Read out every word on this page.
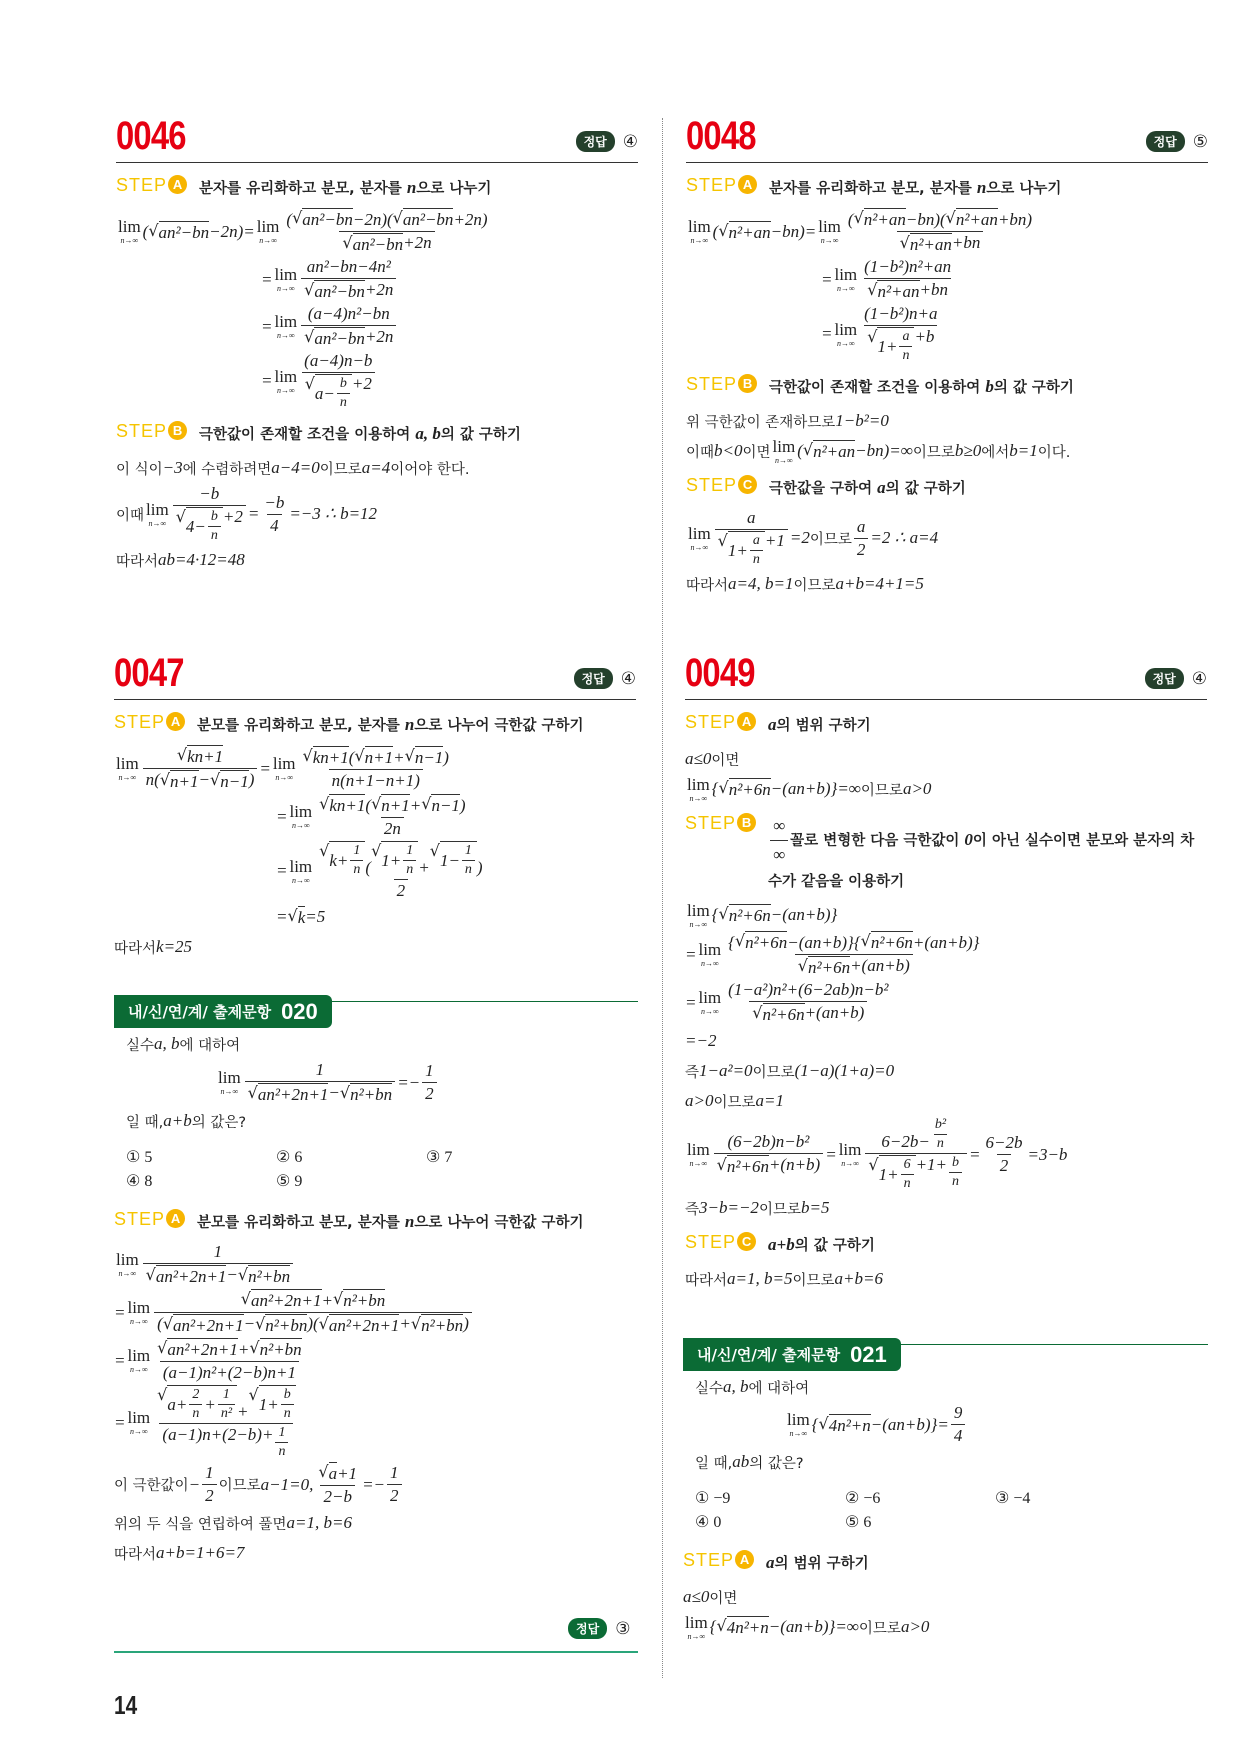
0046	정답 ④
STEP A	분자를 유리화하고 분모, 분자를 n으로 나누기
lim
n→∞ ( √ an²−bn −2n)= lim
$n\to\infty \frac{\text{( √ an²−bn −2n)( √ an²−bn +2n)}}{\text{√ an²−bn +2n}}$
= lim
$n\to\infty \frac{\text{an²−bn−4n²}}{\text{√ an²−bn +2n}}$
= lim
$n\to\infty \frac{\text{(a−4)n²−bn}}{\text{√ an²−bn +2n}}$
= lim
$n\to\infty \frac{(a-4)n-b}{√ a- \frac{b}{n} +2}$
STEP B	극한값이 존재할 조건을 이용하여 a, b의 값 구하기
이 식이 −3 에 수렴하려면 a−4=0 이므로 a=4 이어야 한다.
이때 lim
$n\to\infty \frac{-b}{√ 4- \frac{b}{n} +2} = \frac{-b}{4} =-3$ ∴ b=12
따라서 ab=4·12=48
0047	정답 ④
STEP A	분모를 유리화하고 분모, 분자를 n으로 나누어 극한값 구하기
lim
$n\to\infty \frac{√ kn+1}{n( √ n+1 - √ n-1 )} = \lim$
$n\to\infty \frac{√ kn+1 ( √ n+1 + √ n-1 )}{n(n+1-n+1)}$
= lim
$n\to\infty \frac{√ kn+1 ( √ n+1 + √ n-1 )}{2n}$
= lim
n→∞ √ $k+ \frac{1}{n}$ (
√ $1+ \frac{1}{n}$ +
√ $1- \frac{1}{n}$ )
2
= √ k =5
따라서 k=25
내/신/연/계/ 출제문항 020
실수 a, b 에 대하여
lim
$n\to\infty \frac{1}{\text{√ an²+2n+1 − √ n²+bn}} =- \frac{1}{2}$
일 때, a+b 의 값은?
① 5	② 6	③ 7
④ 8	⑤ 9
STEP A	분모를 유리화하고 분모, 분자를 n으로 나누어 극한값 구하기
lim
$n\to\infty \frac{1}{\text{√ an²+2n+1 − √ n²+bn}}$
= lim
$n\to\infty \frac{\text{√ an²+2n+1 + √ n²+bn}}{\text{( √ an²+2n+1 − √ n²+bn )( √ an²+2n+1 + √ n²+bn )}}$
= lim
$n\to\infty \frac{\text{√ an²+2n+1 + √ n²+bn}}{\text{(a−1)n²+(2−b)n+1}}$
= lim
n→∞ √ $a+ \frac{2}{n} + \frac{1}{\text{n²}}$ +
√ $1+ \frac{b}{n}$
$(a-1)n+(2-b)+ \frac{1}{n}$
이 극한값이 − $\frac{1}{2}$ 이므로 a−1=0, $\frac{√ a +1}{2-b} =- \frac{1}{2}$
위의 두 식을 연립하여 풀면 a=1, b=6
따라서 a+b=1+6=7
정답 ③
0048	정답 ⑤
STEP A	분자를 유리화하고 분모, 분자를 n으로 나누기
lim
n→∞ ( √ n²+an −bn)= lim
$n\to\infty \frac{\text{( √ n²+an −bn)( √ n²+an +bn)}}{\text{√ n²+an +bn}}$
= lim
$n\to\infty \frac{\text{(1−b²)n²+an}}{\text{√ n²+an +bn}}$
= lim
$n\to\infty \frac{\text{(1−b²)n+a}}{√ 1+ \frac{a}{n} +b}$
STEP B	극한값이 존재할 조건을 이용하여 b의 값 구하기
위 극한값이 존재하므로 1−b²=0
이때 b<0 이면 lim
n→∞ ( √ n²+an −bn)=∞ 이므로 b≥0 에서 b=1 이다.
STEP C	극한값을 구하여 a의 값 구하기
lim
$n\to\infty \frac{a}{√ 1+ \frac{a}{n} +1} =2$ 이므로 $\frac{a}{2} =2$ ∴ a=4
따라서 a=4, b=1 이므로 a+b=4+1=5
0049	정답 ④
STEP A a의 범위 구하기
a≤0 이면
lim
n→∞ { √ n²+6n −(an+b)}=∞ 이므로 a>0
STEP B $\frac{\infty}{\infty}$ 꼴로 변형한 다음 극한값이 0이 아닌 실수이면 분모와 분자의 차수가 같음을 이용하기
lim
n→∞ { √ n²+6n −(an+b)}
= lim
$n\to\infty \frac{\text{\{ √ n²+6n −(an+b)\}\{ √ n²+6n +(an+b)\}}}{\text{√ n²+6n +(an+b)}}$
= lim
$n\to\infty \frac{\text{(1−a²)n²+(6−2ab)n−b²}}{\text{√ n²+6n +(an+b)}}$
=−2
즉 1−a²=0 이므로 (1−a)(1+a)=0
a>0 이므로 a=1
lim
$n\to\infty \frac{\text{(6−2b)n−b²}}{\text{√ n²+6n +(n+b)}} = \lim$
$n\to\infty \frac{6-2b- \frac{\text{b²}}{n}}{√ 1+ \frac{6}{n} +1+ \frac{b}{n}} = \frac{6-2b}{2} =3-b$
즉 3−b=−2 이므로 b=5
STEP C a+b의 값 구하기
따라서 a=1, b=5 이므로 a+b=6
내/신/연/계/ 출제문항 021
실수 a, b 에 대하여
lim
n→∞ { √ $4n^2+n -(an+b)\}= \frac{9}{4}$
일 때, ab 의 값은?
① −9	② −6	③ −4
④ 0	⑤ 6
STEP A a의 범위 구하기
a≤0 이면
lim
n→∞ { √ 4n²+n −(an+b)}=∞ 이므로 a>0
14
